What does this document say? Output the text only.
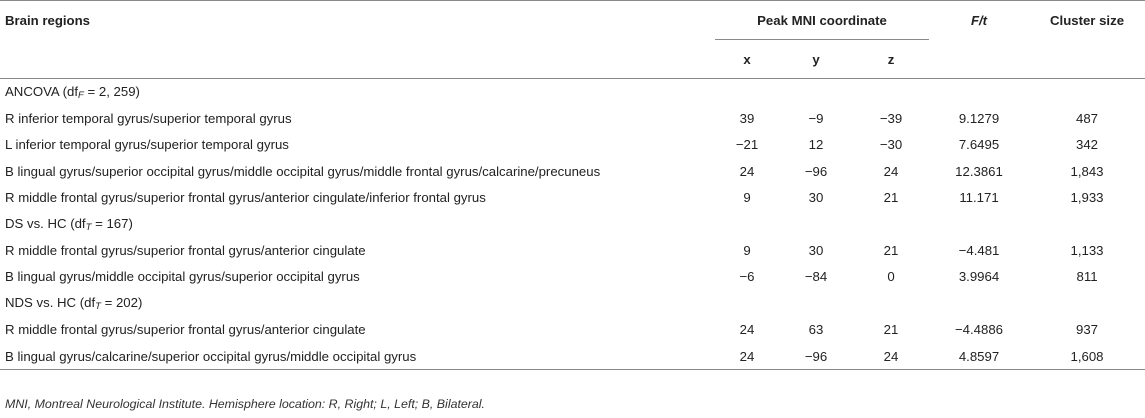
Brain regions	Peak MNI coordinate			F/t	Cluster size
	x	y	z		
ANCOVA (dfF = 2, 259)					
R inferior temporal gyrus/superior temporal gyrus	39	−9	−39	9.1279	487
L inferior temporal gyrus/superior temporal gyrus	−21	12	−30	7.6495	342
B lingual gyrus/superior occipital gyrus/middle occipital gyrus/middle frontal gyrus/calcarine/precuneus	24	−96	24	12.3861	1,843
R middle frontal gyrus/superior frontal gyrus/anterior cingulate/inferior frontal gyrus	9	30	21	11.171	1,933
DS vs. HC (dfT = 167)					
R middle frontal gyrus/superior frontal gyrus/anterior cingulate	9	30	21	−4.481	1,133
B lingual gyrus/middle occipital gyrus/superior occipital gyrus	−6	−84	0	3.9964	811
NDS vs. HC (dfT = 202)					
R middle frontal gyrus/superior frontal gyrus/anterior cingulate	24	63	21	−4.4886	937
B lingual gyrus/calcarine/superior occipital gyrus/middle occipital gyrus	24	−96	24	4.8597	1,608
MNI, Montreal Neurological Institute. Hemisphere location: R, Right; L, Left; B, Bilateral.
